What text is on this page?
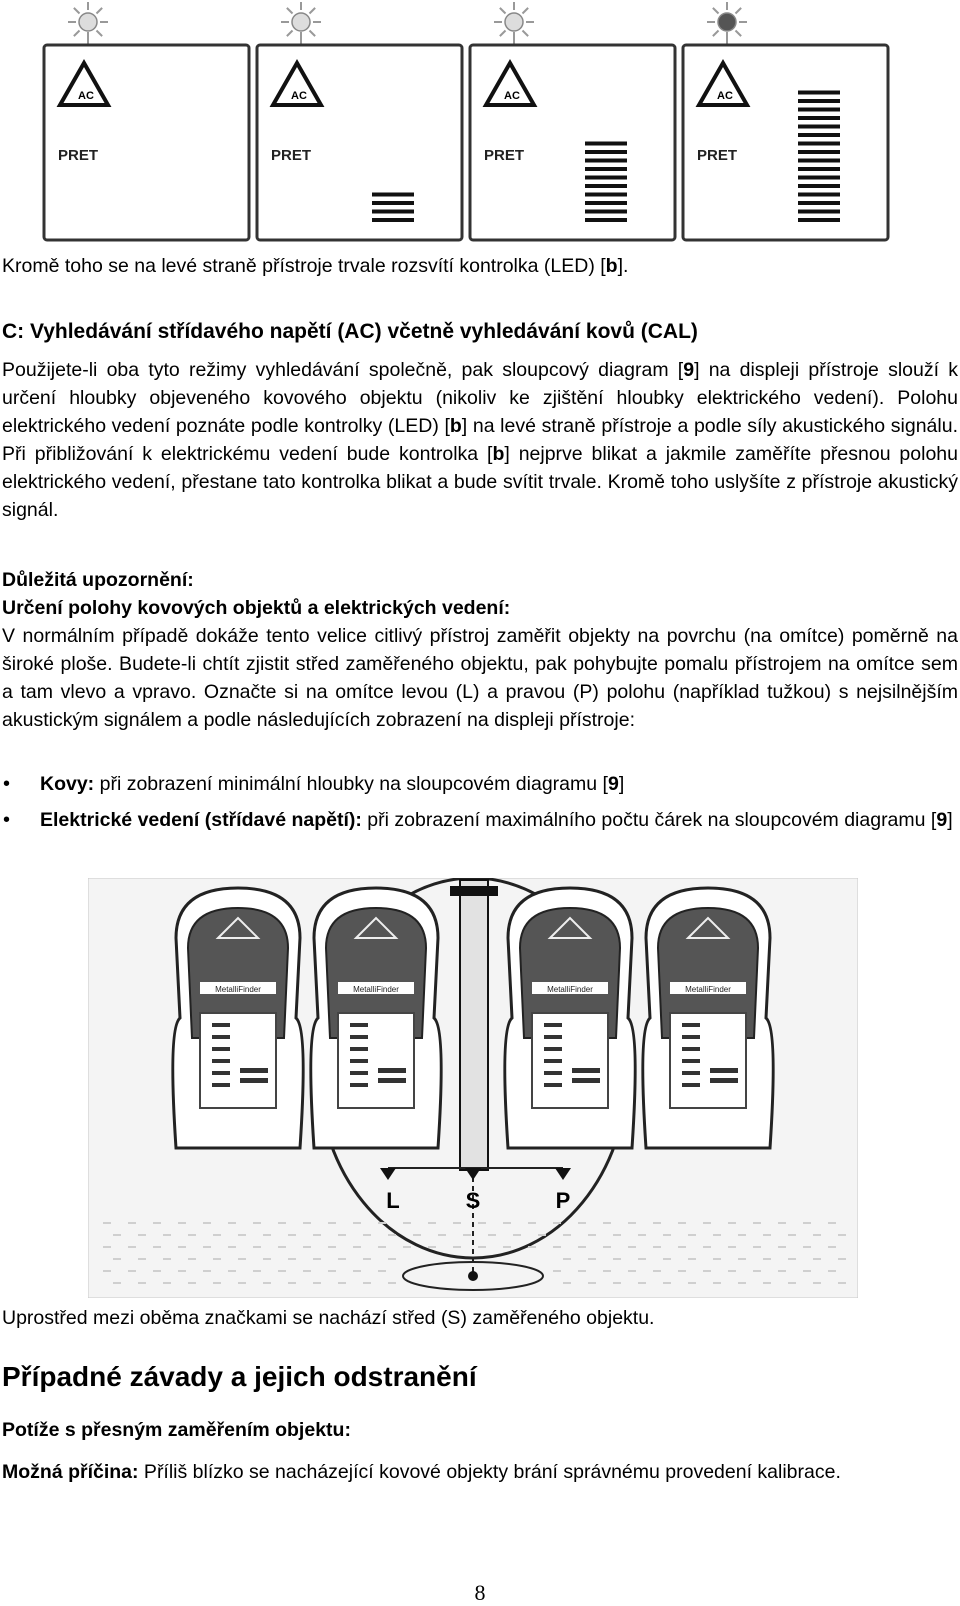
AC
PRET
AC
PRET
AC
PRET
AC
PRET

Kromě toho se na levé straně přístroje trvale rozsvítí kontrolka (LED) [b].

C: Vyhledávání střídavého napětí (AC) včetně vyhledávání kovů (CAL)

Použijete-li oba tyto režimy vyhledávání společně, pak sloupcový diagram [9] na displeji přístroje slouží k určení hloubky objeveného kovového objektu (nikoliv ke zjištění hloubky elektrického vedení). Polohu elektrického vedení poznáte podle kontrolky (LED) [b] na levé straně přístroje a podle síly akustického signálu. Při přibližování k elektrickému vedení bude kontrolka [b] nejprve blikat a jakmile zaměříte přesnou polohu elektrického vedení, přestane tato kontrolka blikat a bude svítit trvale. Kromě toho uslyšíte z přístroje akustický signál.

Důležitá upozornění:
Určení polohy kovových objektů a elektrických vedení:

V normálním případě dokáže tento velice citlivý přístroj zaměřit objekty na povrchu (na omítce) poměrně na široké ploše. Budete-li chtít zjistit střed zaměřeného objektu, pak pohybujte pomalu přístrojem na omítce sem a tam vlevo a vpravo. Označte si na omítce levou (L) a pravou (P) polohu (například tužkou) s nejsilnějším akustickým signálem a podle následujících zobrazení na displeji přístroje:

• Kovy: při zobrazení minimální hloubky na sloupcovém diagramu [9]
• Elektrické vedení (střídavé napětí): při zobrazení maximálního počtu čárek na sloupcovém diagramu [9]
MetalliFinder	MetalliFinder	MetalliFinder	MetalliFinder
L	S	P

Uprostřed mezi oběma značkami se nachází střed (S) zaměřeného objektu.

Případné závady a jejich odstranění
Potíže s přesným zaměřením objektu:

Možná příčina: Příliš blízko se nacházející kovové objekty brání správnému provedení kalibrace.

8
